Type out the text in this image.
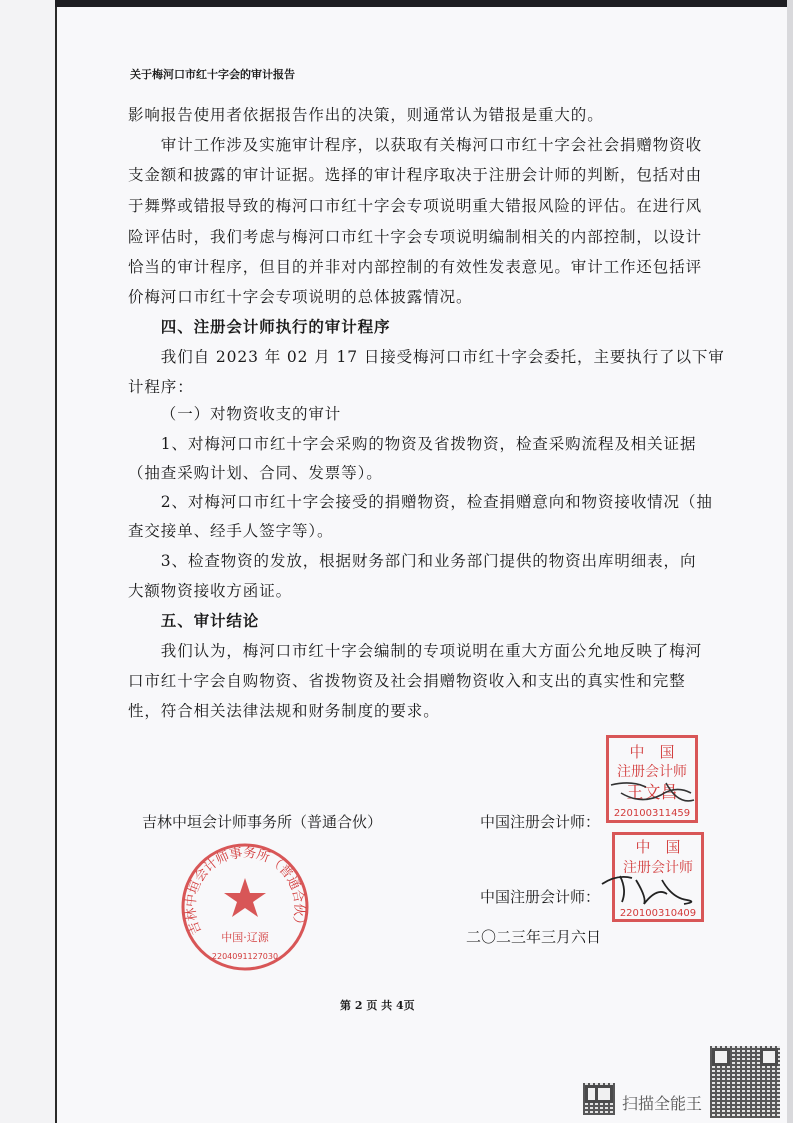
关于梅河口市红十字会的审计报告
影响报告使用者依据报告作出的决策，则通常认为错报是重大的。
审计工作涉及实施审计程序，以获取有关梅河口市红十字会社会捐赠物资收
支金额和披露的审计证据。选择的审计程序取决于注册会计师的判断，包括对由
于舞弊或错报导致的梅河口市红十字会专项说明重大错报风险的评估。在进行风
险评估时，我们考虑与梅河口市红十字会专项说明编制相关的内部控制，以设计
恰当的审计程序，但目的并非对内部控制的有效性发表意见。审计工作还包括评
价梅河口市红十字会专项说明的总体披露情况。
四、注册会计师执行的审计程序
我们自 2023 年 02 月 17 日接受梅河口市红十字会委托，主要执行了以下审
计程序：
（一）对物资收支的审计
1、对梅河口市红十字会采购的物资及省拨物资，检查采购流程及相关证据
（抽查采购计划、合同、发票等）。
2、对梅河口市红十字会接受的捐赠物资，检查捐赠意向和物资接收情况（抽
查交接单、经手人签字等）。
3、检查物资的发放，根据财务部门和业务部门提供的物资出库明细表，向
大额物资接收方函证。
五、审计结论
我们认为，梅河口市红十字会编制的专项说明在重大方面公允地反映了梅河
口市红十字会自购物资、省拨物资及社会捐赠物资收入和支出的真实性和完整
性，符合相关法律法规和财务制度的要求。
吉林中垣会计师事务所（普通合伙）	中国注册会计师：
中国注册会计师：
二〇二三年三月六日
吉林中垣会计师事务所（普通合伙）
中国·辽源
2204091127030
中　国
注册会计师
王文昌
220100311459
中　国
注册会计师
220100310409
第 2 页 共 4页
扫描全能王
